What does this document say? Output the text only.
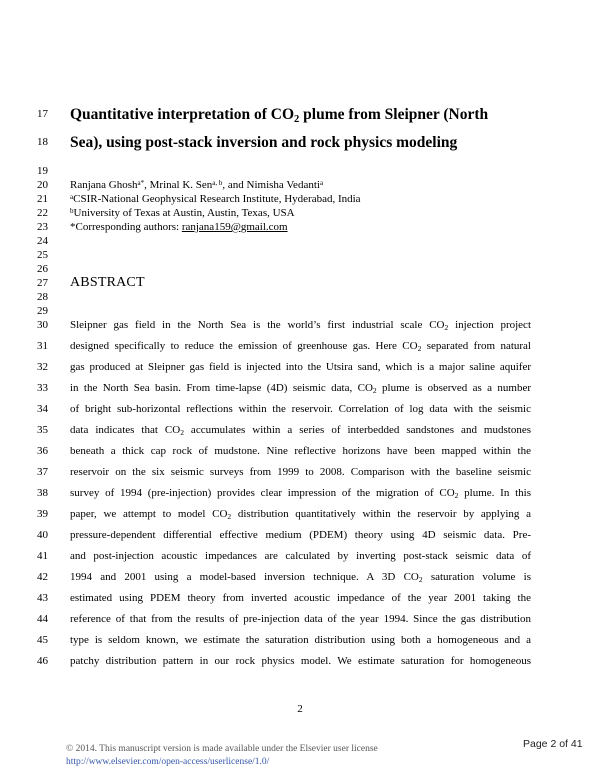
17
18
19
20
21
22
23
24
25
26
27
28
29
30
31
32
33
34
35
36
37
38
39
40
41
42
43
44
45
46
Quantitative interpretation of $CO_2$ plume from Sleipner (North
Sea), using post-stack inversion and rock physics modeling
Ranjana Ghosh$^{a*}$, Mrinal K. Sen$^{a, b}$, and Nimisha Vedanti$^a$
$^a$CSIR-National Geophysical Research Institute, Hyderabad, India
$^b$University of Texas at Austin, Austin, Texas, USA
*Corresponding authors: ranjana159@gmail.com
ABSTRACT
Sleipner gas field in the North Sea is the world’s first industrial scale $CO_2$ injection project
designed specifically to reduce the emission of greenhouse gas. Here $CO_2$ separated from natural
gas produced at Sleipner gas field is injected into the Utsira sand, which is a major saline aquifer
in the North Sea basin. From time-lapse (4D) seismic data, $CO_2$ plume is observed as a number
of bright sub-horizontal reflections within the reservoir. Correlation of log data with the seismic
data indicates that $CO_2$ accumulates within a series of interbedded sandstones and mudstones
beneath a thick cap rock of mudstone. Nine reflective horizons have been mapped within the
reservoir on the six seismic surveys from 1999 to 2008. Comparison with the baseline seismic
survey of 1994 (pre-injection) provides clear impression of the migration of $CO_2$ plume. In this
paper, we attempt to model $CO_2$ distribution quantitatively within the reservoir by applying a
pressure-dependent differential effective medium (PDEM) theory using 4D seismic data. Pre-
and post-injection acoustic impedances are calculated by inverting post-stack seismic data of
1994 and 2001 using a model-based inversion technique. A 3D $CO_2$ saturation volume is
estimated using PDEM theory from inverted acoustic impedance of the year 2001 taking the
reference of that from the results of pre-injection data of the year 1994. Since the gas distribution
type is seldom known, we estimate the saturation distribution using both a homogeneous and a
patchy distribution pattern in our rock physics model. We estimate saturation for homogeneous
2
Page 2 of 41
© 2014. This manuscript version is made available under the Elsevier user license
http://www.elsevier.com/open-access/userlicense/1.0/
